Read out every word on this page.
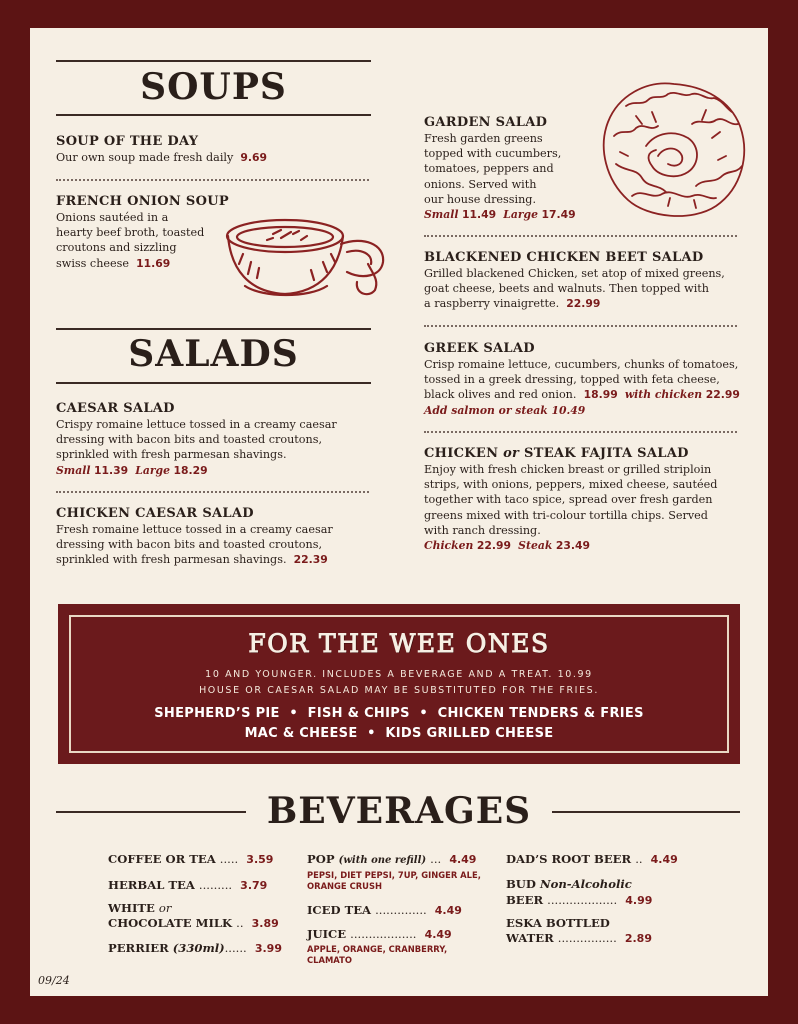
SOUPS
SOUP OF THE DAY
Our own soup made fresh daily 9.69
FRENCH ONION SOUP
Onions sautéed in a
hearty beef broth, toasted
croutons and sizzling
swiss cheese 11.69
SALADS
CAESAR SALAD
Crispy romaine lettuce tossed in a creamy caesar
dressing with bacon bits and toasted croutons,
sprinkled with fresh parmesan shavings.
Small 11.39 Large 18.29
CHICKEN CAESAR SALAD
Fresh romaine lettuce tossed in a creamy caesar
dressing with bacon bits and toasted croutons,
sprinkled with fresh parmesan shavings. 22.39
GARDEN SALAD
Fresh garden greens
topped with cucumbers,
tomatoes, peppers and
onions. Served with
our house dressing.
Small 11.49 Large 17.49
BLACKENED CHICKEN BEET SALAD
Grilled blackened Chicken, set atop of mixed greens,
goat cheese, beets and walnuts. Then topped with
a raspberry vinaigrette. 22.99
GREEK SALAD
Crisp romaine lettuce, cucumbers, chunks of tomatoes,
tossed in a greek dressing, topped with feta cheese,
black olives and red onion. 18.99 with chicken 22.99
Add salmon or steak 10.49
CHICKEN or STEAK FAJITA SALAD
Enjoy with fresh chicken breast or grilled striploin
strips, with onions, peppers, mixed cheese, sautéed
together with taco spice, spread over fresh garden
greens mixed with tri-colour tortilla chips. Served
with ranch dressing.
Chicken 22.99 Steak 23.49
FOR THE WEE ONES
10 AND YOUNGER. INCLUDES A BEVERAGE AND A TREAT. 10.99
HOUSE OR CAESAR SALAD MAY BE SUBSTITUTED FOR THE FRIES.
SHEPHERD’S PIE  •  FISH & CHIPS  •  CHICKEN TENDERS & FRIES
MAC & CHEESE  •  KIDS GRILLED CHEESE
BEVERAGES
COFFEE OR TEA ..... 3.59
HERBAL TEA ......... 3.79
WHITE or
CHOCOLATE MILK .. 3.89
PERRIER (330ml)...... 3.99
POP (with one refill) ... 4.49
PEPSI, DIET PEPSI, 7UP, GINGER ALE,
ORANGE CRUSH
ICED TEA .............. 4.49
JUICE .................. 4.49
APPLE, ORANGE, CRANBERRY,
CLAMATO
DAD’S ROOT BEER .. 4.49
BUD Non-Alcoholic
BEER ................... 4.99
ESKA BOTTLED
WATER ................ 2.89
09/24
